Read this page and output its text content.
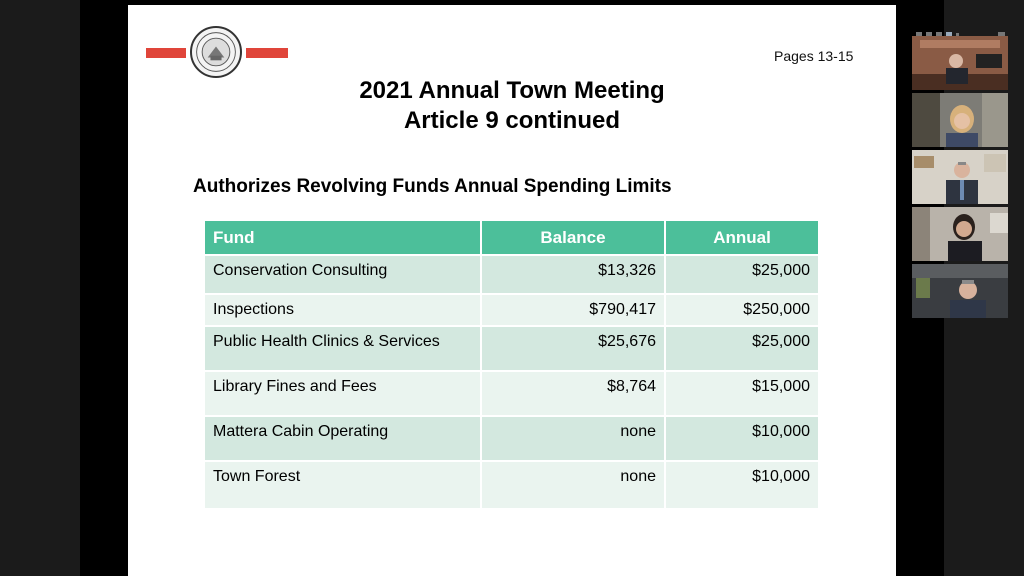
Pages 13-15
2021 Annual Town Meeting
Article 9 continued
Authorizes Revolving Funds Annual Spending Limits
Fund	Balance	Annual
Conservation Consulting	$13,326	$25,000
Inspections	$790,417	$250,000
Public Health Clinics & Services	$25,676	$25,000
Library Fines and Fees	$8,764	$15,000
Mattera Cabin Operating	none	$10,000
Town Forest	none	$10,000
